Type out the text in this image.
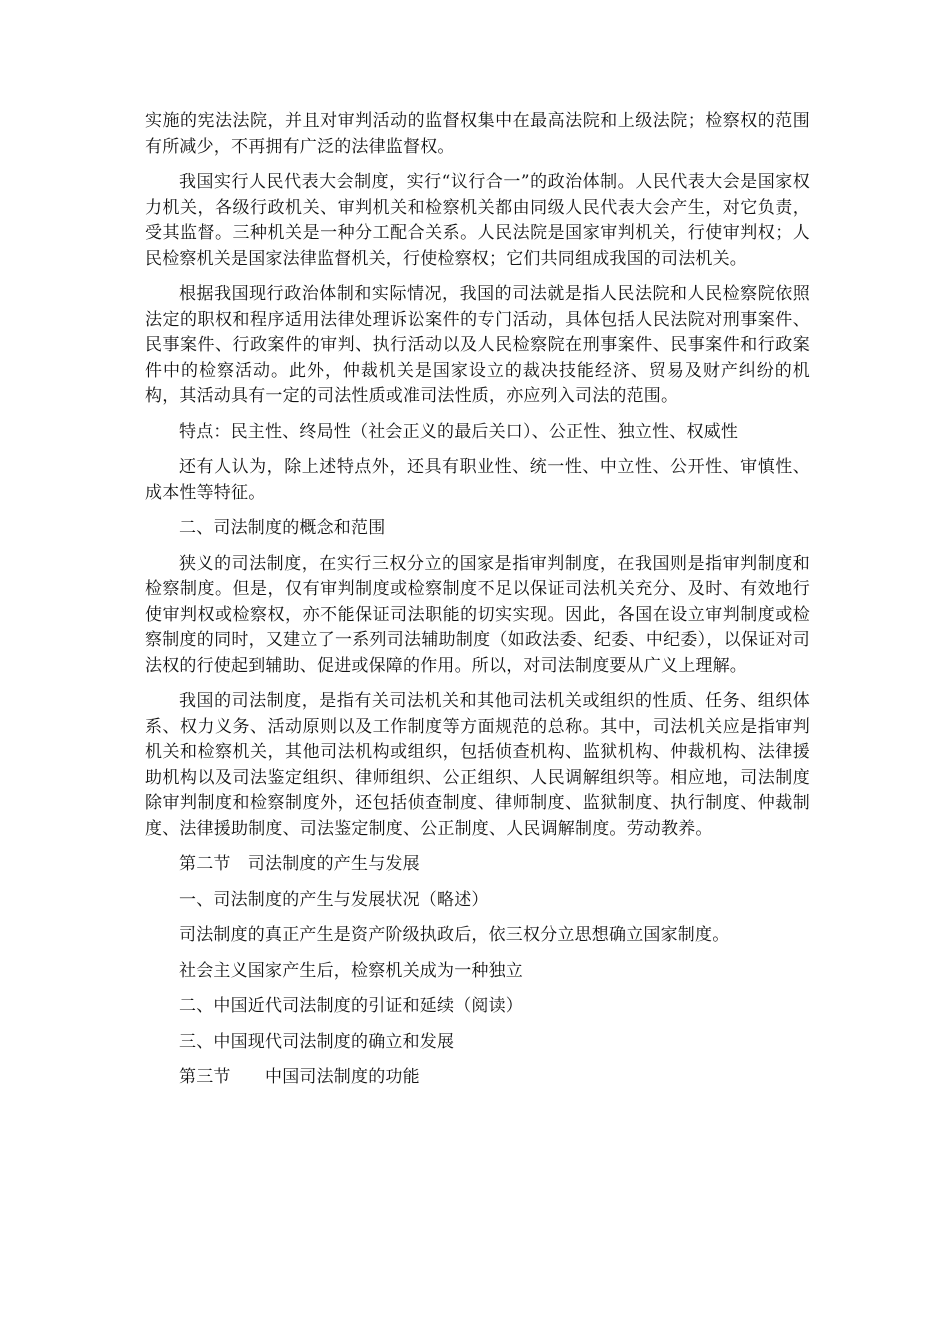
实施的宪法法院，并且对审判活动的监督权集中在最高法院和上级法院；检察权的范围有所减少，不再拥有广泛的法律监督权。

我国实行人民代表大会制度，实行“议行合一”的政治体制。人民代表大会是国家权力机关，各级行政机关、审判机关和检察机关都由同级人民代表大会产生，对它负责，受其监督。三种机关是一种分工配合关系。人民法院是国家审判机关，行使审判权；人民检察机关是国家法律监督机关，行使检察权；它们共同组成我国的司法机关。

根据我国现行政治体制和实际情况，我国的司法就是指人民法院和人民检察院依照法定的职权和程序适用法律处理诉讼案件的专门活动，具体包括人民法院对刑事案件、民事案件、行政案件的审判、执行活动以及人民检察院在刑事案件、民事案件和行政案件中的检察活动。此外，仲裁机关是国家设立的裁决技能经济、贸易及财产纠纷的机构，其活动具有一定的司法性质或准司法性质，亦应列入司法的范围。

特点：民主性、终局性（社会正义的最后关口）、公正性、独立性、权威性

还有人认为，除上述特点外，还具有职业性、统一性、中立性、公开性、审慎性、成本性等特征。

二、司法制度的概念和范围

狭义的司法制度，在实行三权分立的国家是指审判制度，在我国则是指审判制度和检察制度。但是，仅有审判制度或检察制度不足以保证司法机关充分、及时、有效地行使审判权或检察权，亦不能保证司法职能的切实实现。因此，各国在设立审判制度或检察制度的同时，又建立了一系列司法辅助制度（如政法委、纪委、中纪委），以保证对司法权的行使起到辅助、促进或保障的作用。所以，对司法制度要从广义上理解。

我国的司法制度，是指有关司法机关和其他司法机关或组织的性质、任务、组织体系、权力义务、活动原则以及工作制度等方面规范的总称。其中，司法机关应是指审判机关和检察机关，其他司法机构或组织，包括侦查机构、监狱机构、仲裁机构、法律援助机构以及司法鉴定组织、律师组织、公正组织、人民调解组织等。相应地，司法制度除审判制度和检察制度外，还包括侦查制度、律师制度、监狱制度、执行制度、仲裁制度、法律援助制度、司法鉴定制度、公正制度、人民调解制度。劳动教养。

第二节　司法制度的产生与发展

一、司法制度的产生与发展状况（略述）

司法制度的真正产生是资产阶级执政后，依三权分立思想确立国家制度。

社会主义国家产生后，检察机关成为一种独立

二、中国近代司法制度的引证和延续（阅读）

三、中国现代司法制度的确立和发展

第三节　　中国司法制度的功能
